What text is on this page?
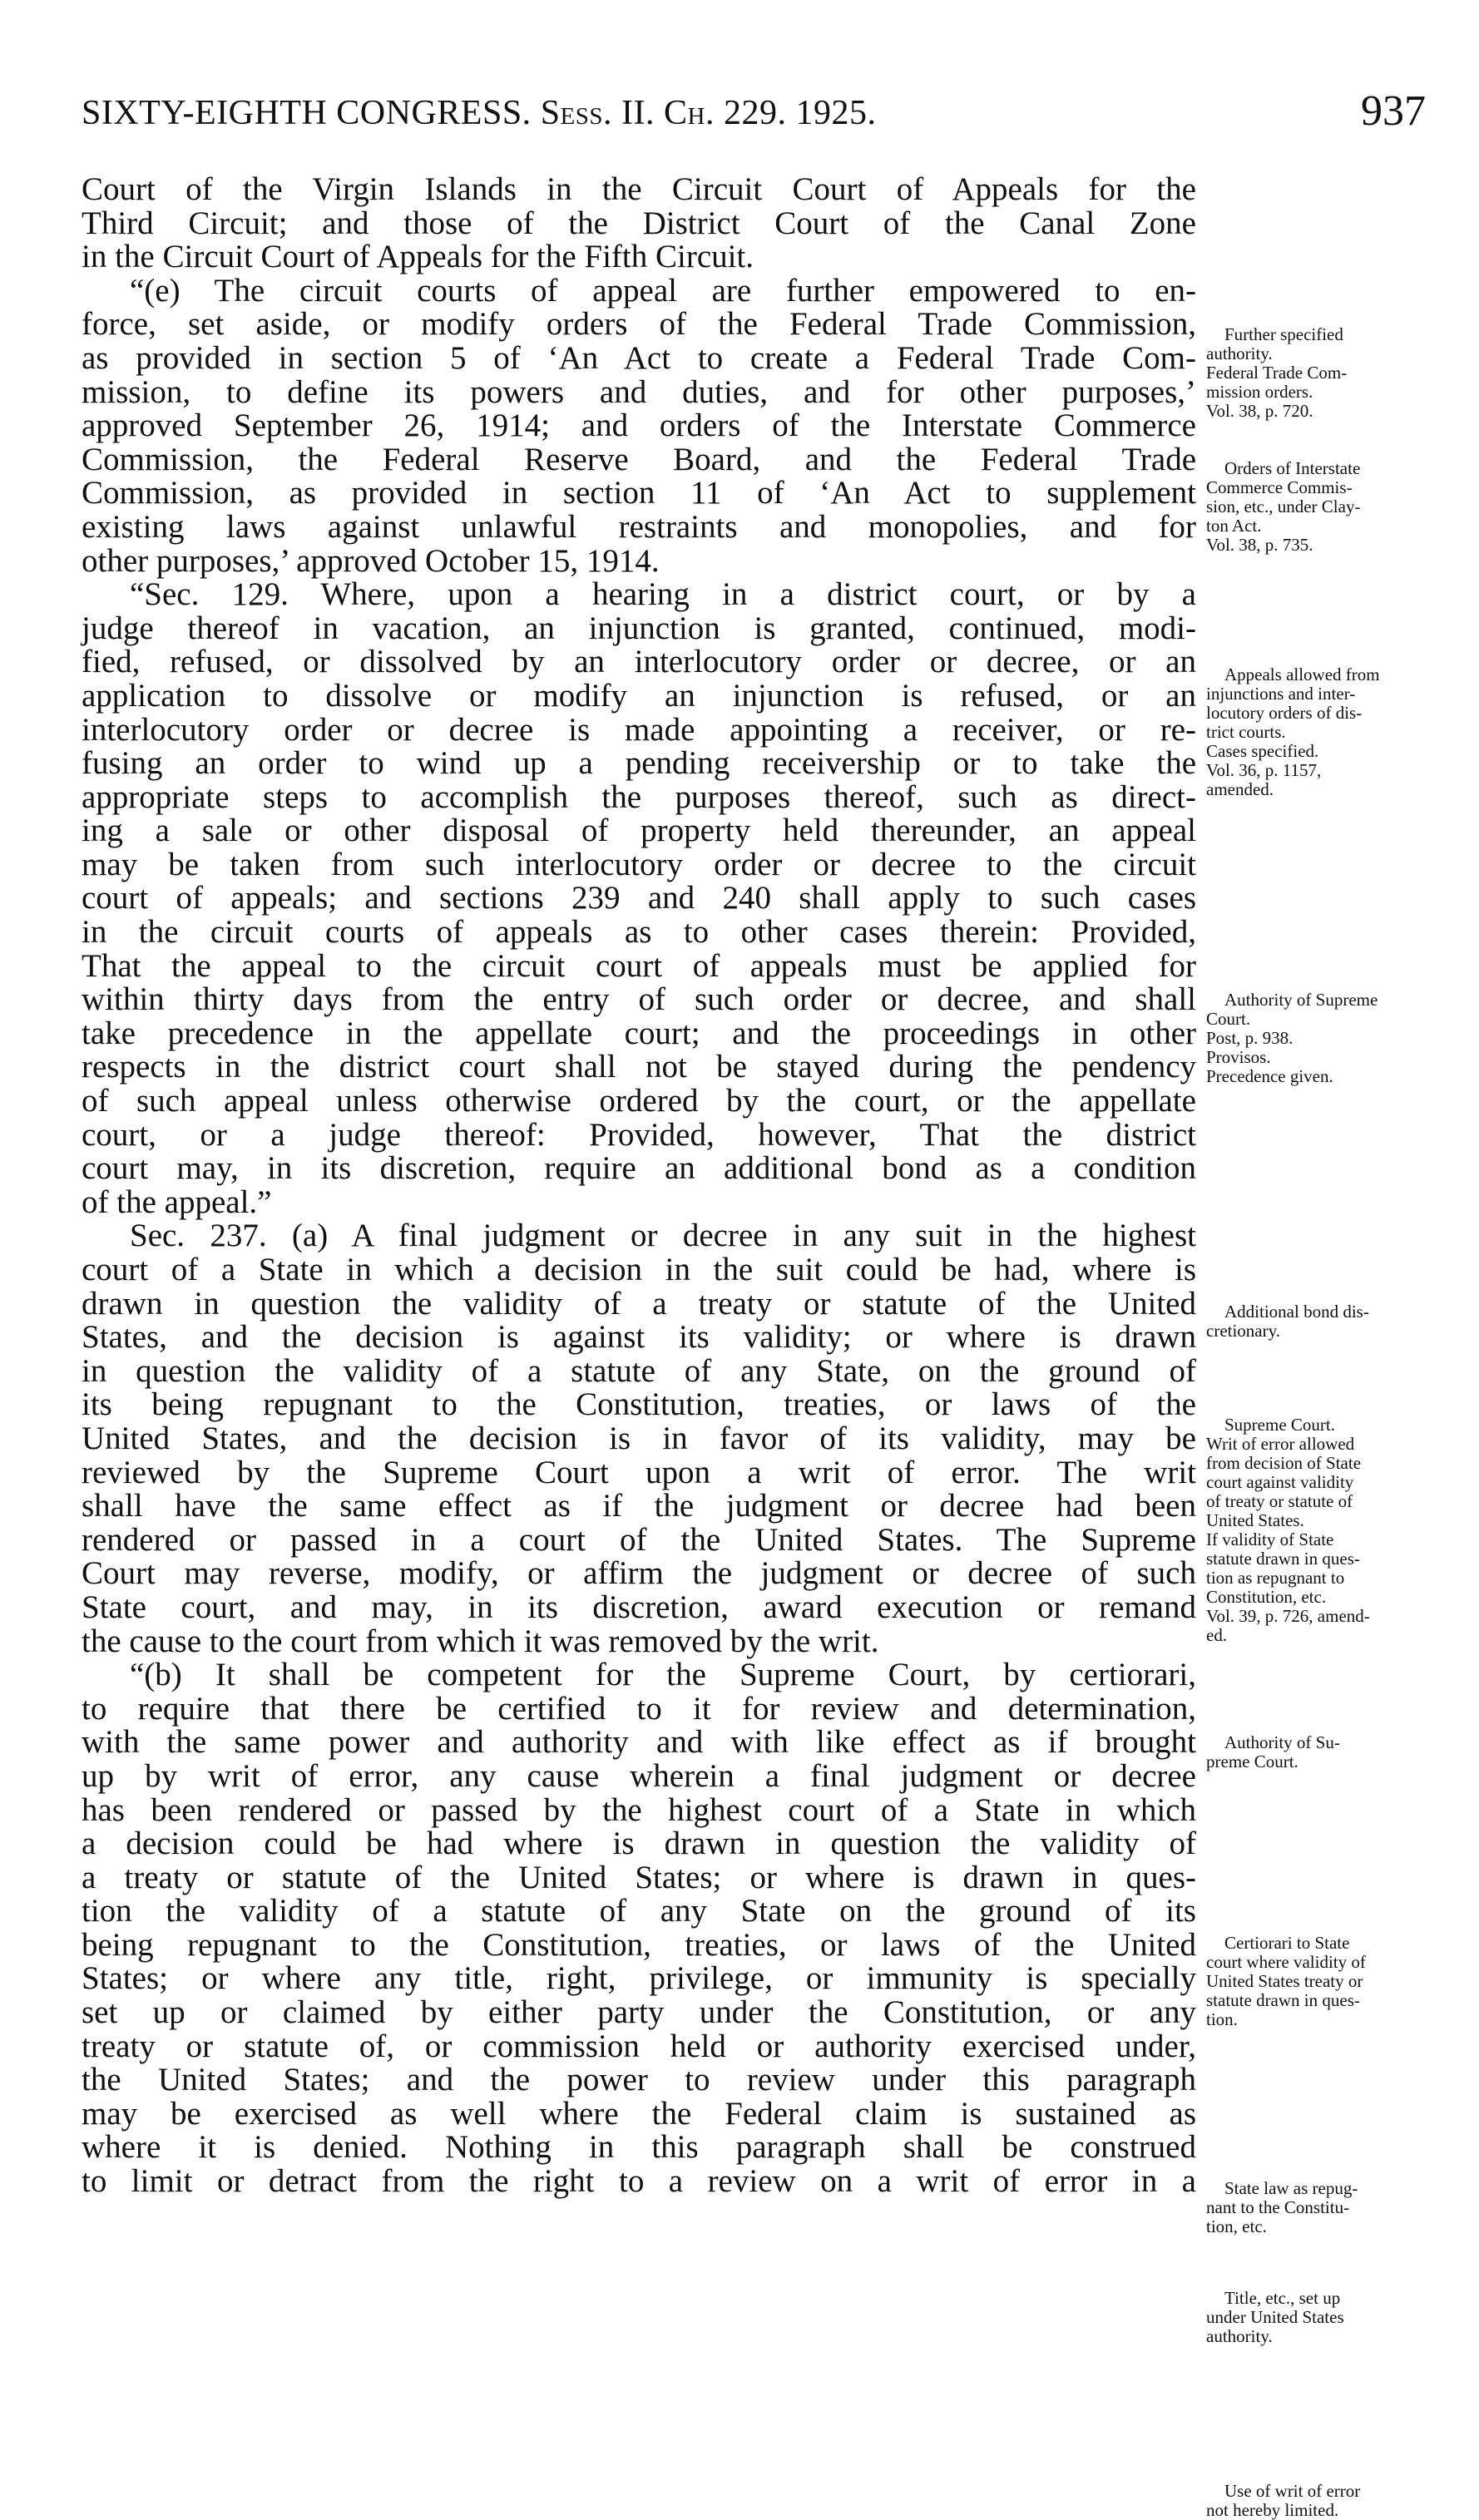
SIXTY-EIGHTH CONGRESS. Sess. II. Ch. 229. 1925.	937
Court of the Virgin Islands in the Circuit Court of Appeals for the
Third Circuit; and those of the District Court of the Canal Zone
in the Circuit Court of Appeals for the Fifth Circuit.
“(e) The circuit courts of appeal are further empowered to en-
force, set aside, or modify orders of the Federal Trade Commission,
as provided in section 5 of ‘An Act to create a Federal Trade Com-
mission, to define its powers and duties, and for other purposes,’
approved September 26, 1914; and orders of the Interstate Commerce
Commission, the Federal Reserve Board, and the Federal Trade
Commission, as provided in section 11 of ‘An Act to supplement
existing laws against unlawful restraints and monopolies, and for
other purposes,’ approved October 15, 1914.
“Sec. 129. Where, upon a hearing in a district court, or by a
judge thereof in vacation, an injunction is granted, continued, modi-
fied, refused, or dissolved by an interlocutory order or decree, or an
application to dissolve or modify an injunction is refused, or an
interlocutory order or decree is made appointing a receiver, or re-
fusing an order to wind up a pending receivership or to take the
appropriate steps to accomplish the purposes thereof, such as direct-
ing a sale or other disposal of property held thereunder, an appeal
may be taken from such interlocutory order or decree to the circuit
court of appeals; and sections 239 and 240 shall apply to such cases
in the circuit courts of appeals as to other cases therein: Provided,
That the appeal to the circuit court of appeals must be applied for
within thirty days from the entry of such order or decree, and shall
take precedence in the appellate court; and the proceedings in other
respects in the district court shall not be stayed during the pendency
of such appeal unless otherwise ordered by the court, or the appellate
court, or a judge thereof: Provided, however, That the district
court may, in its discretion, require an additional bond as a condition
of the appeal.”
Sec. 237. (a) A final judgment or decree in any suit in the highest
court of a State in which a decision in the suit could be had, where is
drawn in question the validity of a treaty or statute of the United
States, and the decision is against its validity; or where is drawn
in question the validity of a statute of any State, on the ground of
its being repugnant to the Constitution, treaties, or laws of the
United States, and the decision is in favor of its validity, may be
reviewed by the Supreme Court upon a writ of error. The writ
shall have the same effect as if the judgment or decree had been
rendered or passed in a court of the United States. The Supreme
Court may reverse, modify, or affirm the judgment or decree of such
State court, and may, in its discretion, award execution or remand
the cause to the court from which it was removed by the writ.
“(b) It shall be competent for the Supreme Court, by certiorari,
to require that there be certified to it for review and determination,
with the same power and authority and with like effect as if brought
up by writ of error, any cause wherein a final judgment or decree
has been rendered or passed by the highest court of a State in which
a decision could be had where is drawn in question the validity of
a treaty or statute of the United States; or where is drawn in ques-
tion the validity of a statute of any State on the ground of its
being repugnant to the Constitution, treaties, or laws of the United
States; or where any title, right, privilege, or immunity is specially
set up or claimed by either party under the Constitution, or any
treaty or statute of, or commission held or authority exercised under,
the United States; and the power to review under this paragraph
may be exercised as well where the Federal claim is sustained as
where it is denied. Nothing in this paragraph shall be construed
to limit or detract from the right to a review on a writ of error in a
Further specified
authority.
Federal Trade Com-
mission orders.
Vol. 38, p. 720.
Orders of Interstate
Commerce Commis-
sion, etc., under Clay-
ton Act.
Vol. 38, p. 735.
Appeals allowed from
injunctions and inter-
locutory orders of dis-
trict courts.
Cases specified.
Vol. 36, p. 1157,
amended.
Authority of Supreme
Court.
Post, p. 938.
Provisos.
Precedence given.
Additional bond dis-
cretionary.
Supreme Court.
Writ of error allowed
from decision of State
court against validity
of treaty or statute of
United States.
If validity of State
statute drawn in ques-
tion as repugnant to
Constitution, etc.
Vol. 39, p. 726, amend-
ed.
Authority of Su-
preme Court.
Certiorari to State
court where validity of
United States treaty or
statute drawn in ques-
tion.
State law as repug-
nant to the Constitu-
tion, etc.
Title, etc., set up
under United States
authority.
Use of writ of error
not hereby limited.
